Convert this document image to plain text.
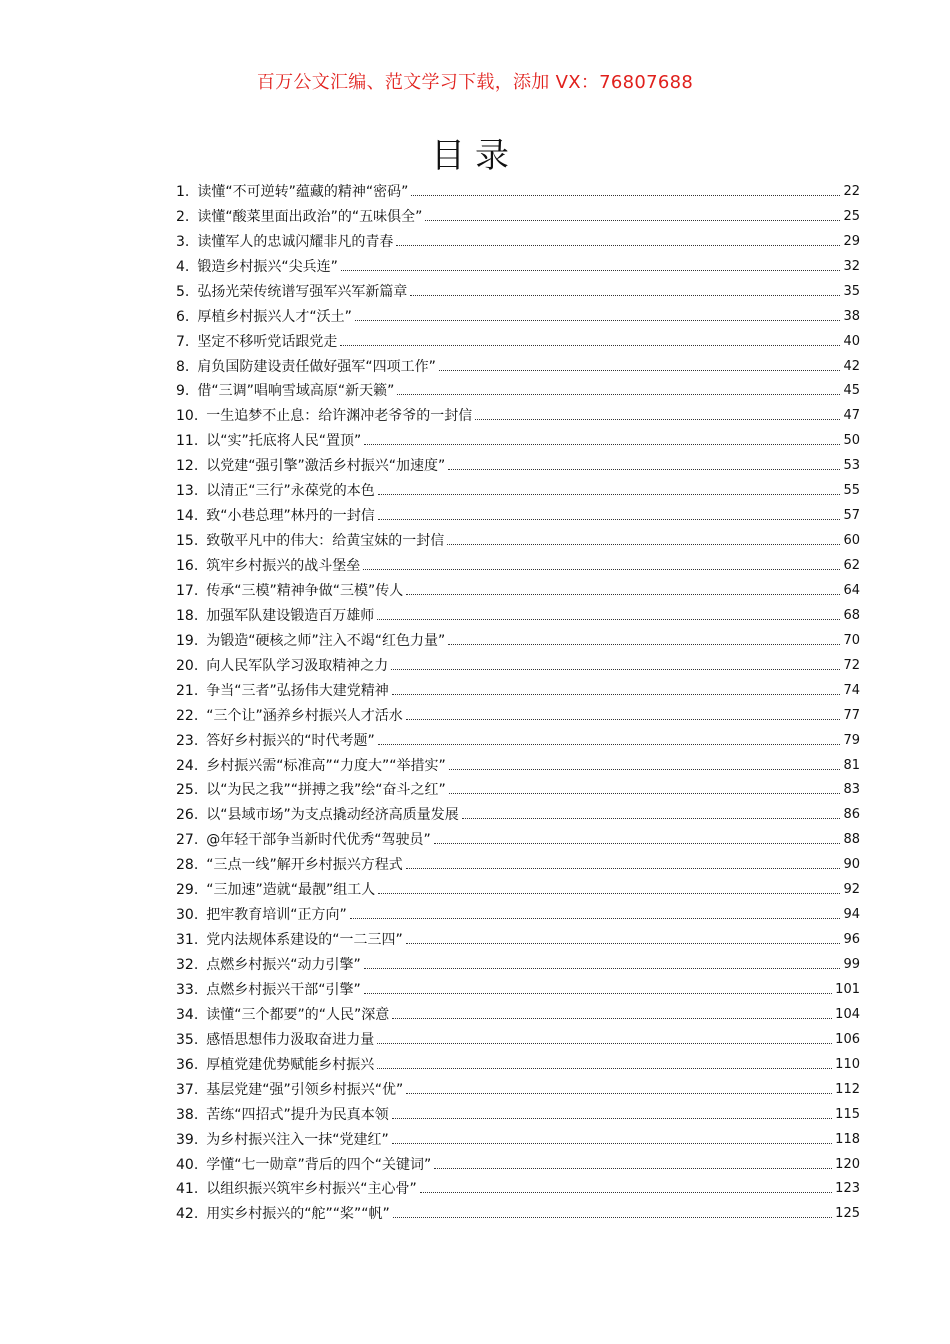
百万公文汇编、范文学习下载，添加 VX：76807688
目录
1. 读懂“不可逆转”蕴藏的精神“密码”	22
2. 读懂“酸菜里面出政治”的“五味俱全”	25
3. 读懂军人的忠诚闪耀非凡的青春	29
4. 锻造乡村振兴“尖兵连”	32
5. 弘扬光荣传统谱写强军兴军新篇章	35
6. 厚植乡村振兴人才“沃土”	38
7. 坚定不移听党话跟党走	40
8. 肩负国防建设责任做好强军“四项工作”	42
9. 借“三调”唱响雪域高原“新天籁”	45
10. 一生追梦不止息：给许渊冲老爷爷的一封信	47
11. 以“实”托底将人民“置顶”	50
12. 以党建“强引擎”激活乡村振兴“加速度”	53
13. 以清正“三行”永葆党的本色	55
14. 致“小巷总理”林丹的一封信	57
15. 致敬平凡中的伟大：给黄宝妹的一封信	60
16. 筑牢乡村振兴的战斗堡垒	62
17. 传承“三模”精神争做“三模”传人	64
18. 加强军队建设锻造百万雄师	68
19. 为锻造“硬核之师”注入不竭“红色力量”	70
20. 向人民军队学习汲取精神之力	72
21. 争当“三者”弘扬伟大建党精神	74
22. “三个让”涵养乡村振兴人才活水	77
23. 答好乡村振兴的“时代考题”	79
24. 乡村振兴需“标准高”“力度大”“举措实”	81
25. 以“为民之我”“拼搏之我”绘“奋斗之红”	83
26. 以“县域市场”为支点撬动经济高质量发展	86
27. @年轻干部争当新时代优秀“驾驶员”	88
28. “三点一线”解开乡村振兴方程式	90
29. “三加速”造就“最靓”组工人	92
30. 把牢教育培训“正方向”	94
31. 党内法规体系建设的“一二三四”	96
32. 点燃乡村振兴“动力引擎”	99
33. 点燃乡村振兴干部“引擎”	101
34. 读懂“三个都要”的“人民”深意	104
35. 感悟思想伟力汲取奋进力量	106
36. 厚植党建优势赋能乡村振兴	110
37. 基层党建“强”引领乡村振兴“优”	112
38. 苦练“四招式”提升为民真本领	115
39. 为乡村振兴注入一抹“党建红”	118
40. 学懂“七一勋章”背后的四个“关键词”	120
41. 以组织振兴筑牢乡村振兴“主心骨”	123
42. 用实乡村振兴的“舵”“桨”“帆”	125
